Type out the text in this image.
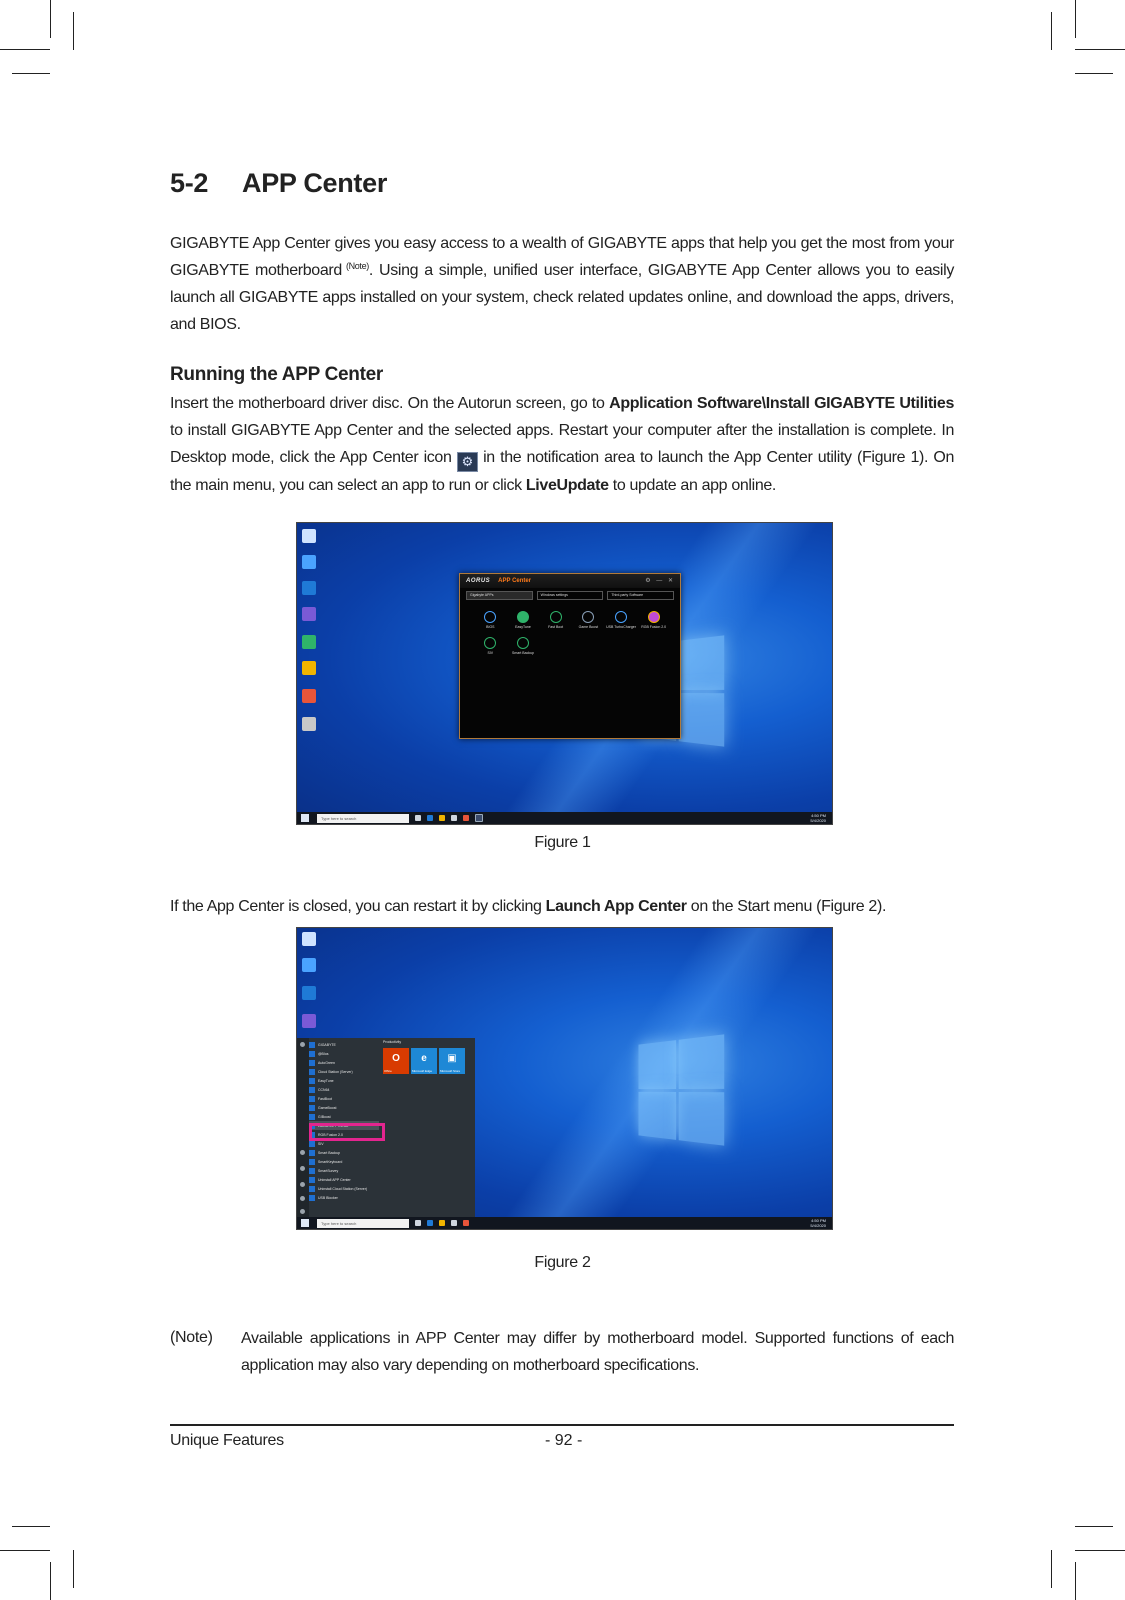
5-2 APP Center

GIGABYTE App Center gives you easy access to a wealth of GIGABYTE apps that help you get the most from your GIGABYTE motherboard $^{(Note)}$. Using a simple, unified user interface, GIGABYTE App Center allows you to easily launch all GIGABYTE apps installed on your system, check related updates online, and download the apps, drivers, and BIOS.

Running the APP Center

Insert the motherboard driver disc. On the Autorun screen, go to Application Software\Install GIGABYTE Utilities to install GIGABYTE App Center and the selected apps. Restart your computer after the installation is complete. In Desktop mode, click the App Center icon ⚙ in the notification area to launch the App Center utility (Figure 1). On the main menu, you can select an app to run or click LiveUpdate to update an app online.

AORUS APP Center	⚙ — ✕
Gigabyte APPs	Windows settings	Third-party Software
BIOS	EasyTune	Fast Boot	Game Boost	USB TurboCharger	RGB Fusion 2.0
SIV	Smart Backup
Type here to search	4:50 PM
5/4/2020
Figure 1

If the App Center is closed, you can restart it by clicking Launch App Center on the Start menu (Figure 2).

GIGABYTE
@BIos
AutoGreen
Cloud Station (Server)
EasyTune
CCN64
FastBoot
GameBoost
GIBoost
Launch APP Center
RGB Fusion 2.0
SIV
Smart Backup
SmartKeyboard
SmartSurvey
Uninstall APP Center
Uninstall Cloud Station (Server)
USB Blocker
Productivity
O
Office
e
Microsoft Edge
▣
Microsoft Store
Type here to search	4:50 PM
5/4/2020
Figure 2
(Note) Available applications in APP Center may differ by motherboard model. Supported functions of each application may also vary depending on motherboard specifications.

Unique Features	- 92 -
